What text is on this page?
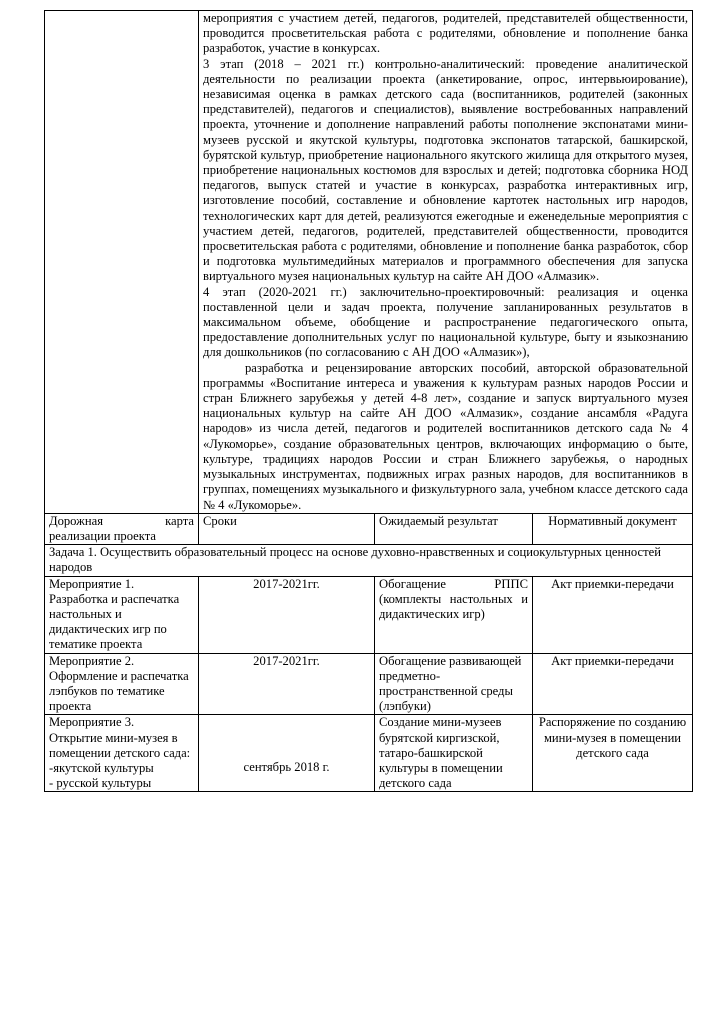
	мероприятия с участием детей, педагогов, родителей, представителей общественности, проводится просветительская работа с родителями, обновление и пополнение банка разработок, участие в конкурсах.
3 этап (2018 – 2021 гг.) контрольно-аналитический: проведение аналитической деятельности по реализации проекта (анкетирование, опрос, интервьюирование), независимая оценка в рамках детского сада (воспитанников, родителей (законных представителей), педагогов и специалистов), выявление востребованных направлений проекта, уточнение и дополнение направлений работы пополнение экспонатами мини-музеев русской и якутской культуры, подготовка экспонатов татарской, башкирской, бурятской культур, приобретение национального якутского жилища для открытого музея, приобретение национальных костюмов для взрослых и детей; подготовка сборника НОД педагогов, выпуск статей и участие в конкурсах, разработка интерактивных игр, изготовление пособий, составление и обновление картотек настольных игр народов, технологических карт для детей, реализуются ежегодные и еженедельные мероприятия с участием детей, педагогов, родителей, представителей общественности, проводится просветительская работа с родителями, обновление и пополнение банка разработок, сбор и подготовка мультимедийных материалов и программного обеспечения для запуска виртуального музея национальных культур на сайте АН ДОО «Алмазик».
4 этап (2020-2021 гг.) заключительно-проектировочный: реализация и оценка поставленной цели и задач проекта, получение запланированных результатов в максимальном объеме, обобщение и распространение педагогического опыта, предоставление дополнительных услуг по национальной культуре, быту и языкознанию для дошкольников (по согласованию с АН ДОО «Алмазик»),
разработка и рецензирование авторских пособий, авторской образовательной программы «Воспитание интереса и уважения к культурам разных народов России и стран Ближнего зарубежья у детей 4-8 лет», создание и запуск виртуального музея национальных культур на сайте АН ДОО «Алмазик», создание ансамбля «Радуга народов» из числа детей, педагогов и родителей воспитанников детского сада № 4 «Лукоморье», создание образовательных центров, включающих информацию о быте, культуре, традициях народов России и стран Ближнего зарубежья, о народных музыкальных инструментах, подвижных играх разных народов, для воспитанников в группах, помещениях музыкального и физкультурного зала, учебном классе детского сада № 4 «Лукоморье».		

Дорожная карта реализации проекта	Сроки	Ожидаемый результат	Нормативный документ
Задача 1. Осуществить образовательный процесс на основе духовно-нравственных и социокультурных ценностей народов			
Мероприятие 1. Разработка и распечатка настольных и дидактических игр по тематике проекта	2017-2021гг.	Обогащение РППС (комплекты настольных и дидактических игр)	Акт приемки-передачи
Мероприятие 2. Оформление и распечатка лэпбуков по тематике проекта	2017-2021гг.	Обогащение развивающей предметно-пространственной среды (лэпбуки)	Акт приемки-передачи

Мероприятие 3.
Открытие мини-музея в помещении детского сада:
-якутской культуры
- русской культуры	сентябрь 2018 г.	Создание мини-музеев бурятской киргизской, татаро-башкирской культуры в помещении детского сада	Распоряжение по созданию мини-музея в помещении детского сада
